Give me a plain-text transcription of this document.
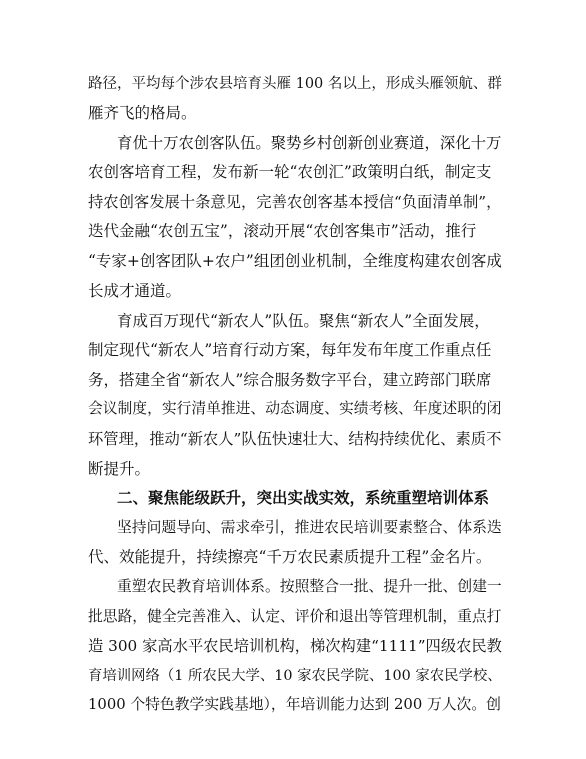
路径，平均每个涉农县培育头雁 100 名以上，形成头雁领航、群
雁齐飞的格局。
育优十万农创客队伍。聚势乡村创新创业赛道，深化十万
农创客培育工程，发布新一轮“农创汇”政策明白纸，制定支
持农创客发展十条意见，完善农创客基本授信“负面清单制”，
迭代金融“农创五宝”，滚动开展“农创客集市”活动，推行
“专家+创客团队+农户”组团创业机制，全维度构建农创客成
长成才通道。
育成百万现代“新农人”队伍。聚焦“新农人”全面发展，
制定现代“新农人”培育行动方案，每年发布年度工作重点任
务，搭建全省“新农人”综合服务数字平台，建立跨部门联席
会议制度，实行清单推进、动态调度、实绩考核、年度述职的闭
环管理，推动“新农人”队伍快速壮大、结构持续优化、素质不
断提升。
二、聚焦能级跃升，突出实战实效，系统重塑培训体系
坚持问题导向、需求牵引，推进农民培训要素整合、体系迭
代、效能提升，持续擦亮“千万农民素质提升工程”金名片。
重塑农民教育培训体系。按照整合一批、提升一批、创建一
批思路，健全完善准入、认定、评价和退出等管理机制，重点打
造 300 家高水平农民培训机构，梯次构建“1111”四级农民教
育培训网络（1 所农民大学、10 家农民学院、100 家农民学校、
1000 个特色教学实践基地），年培训能力达到 200 万人次。创
